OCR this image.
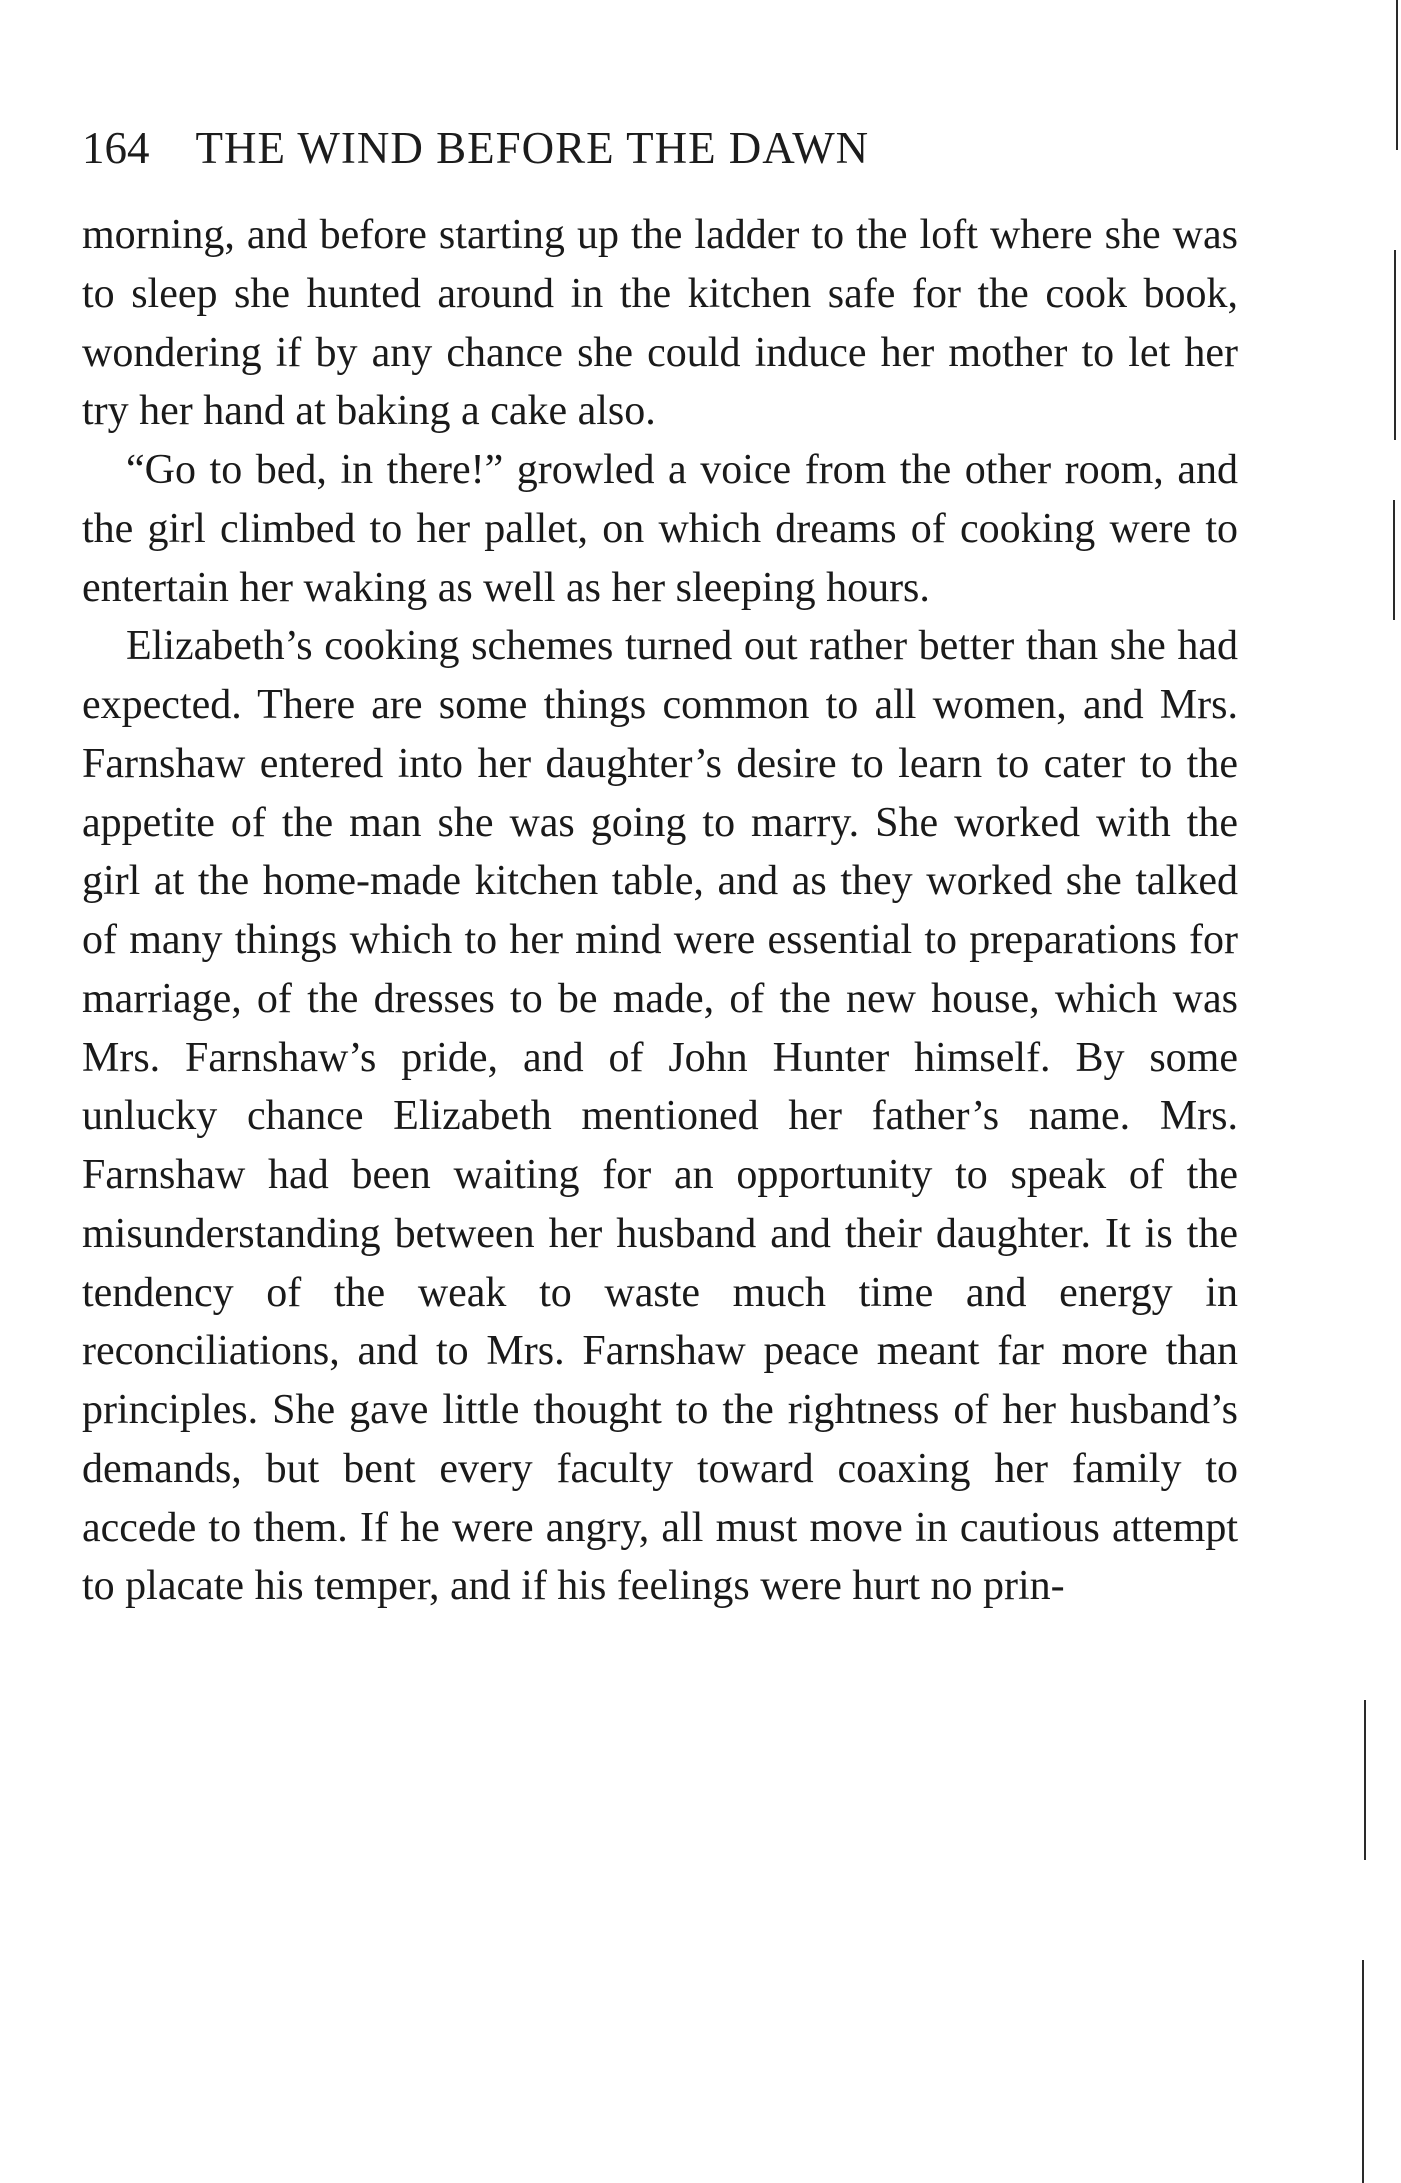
164 THE WIND BEFORE THE DAWN

morning, and before starting up the ladder to the loft where she was to sleep she hunted around in the kitchen safe for the cook book, wondering if by any chance she could induce her mother to let her try her hand at baking a cake also.

“Go to bed, in there!” growled a voice from the other room, and the girl climbed to her pallet, on which dreams of cooking were to entertain her waking as well as her sleeping hours.

Elizabeth’s cooking schemes turned out rather better than she had expected. There are some things common to all women, and Mrs. Farnshaw entered into her daughter’s desire to learn to cater to the appetite of the man she was going to marry. She worked with the girl at the home-made kitchen table, and as they worked she talked of many things which to her mind were essential to preparations for marriage, of the dresses to be made, of the new house, which was Mrs. Farnshaw’s pride, and of John Hunter himself. By some unlucky chance Elizabeth mentioned her father’s name. Mrs. Farnshaw had been waiting for an opportunity to speak of the misunderstanding between her husband and their daughter. It is the tendency of the weak to waste much time and energy in reconciliations, and to Mrs. Farnshaw peace meant far more than principles. She gave little thought to the rightness of her husband’s demands, but bent every faculty toward coaxing her family to accede to them. If he were angry, all must move in cautious attempt to placate his temper, and if his feelings were hurt no prin-
